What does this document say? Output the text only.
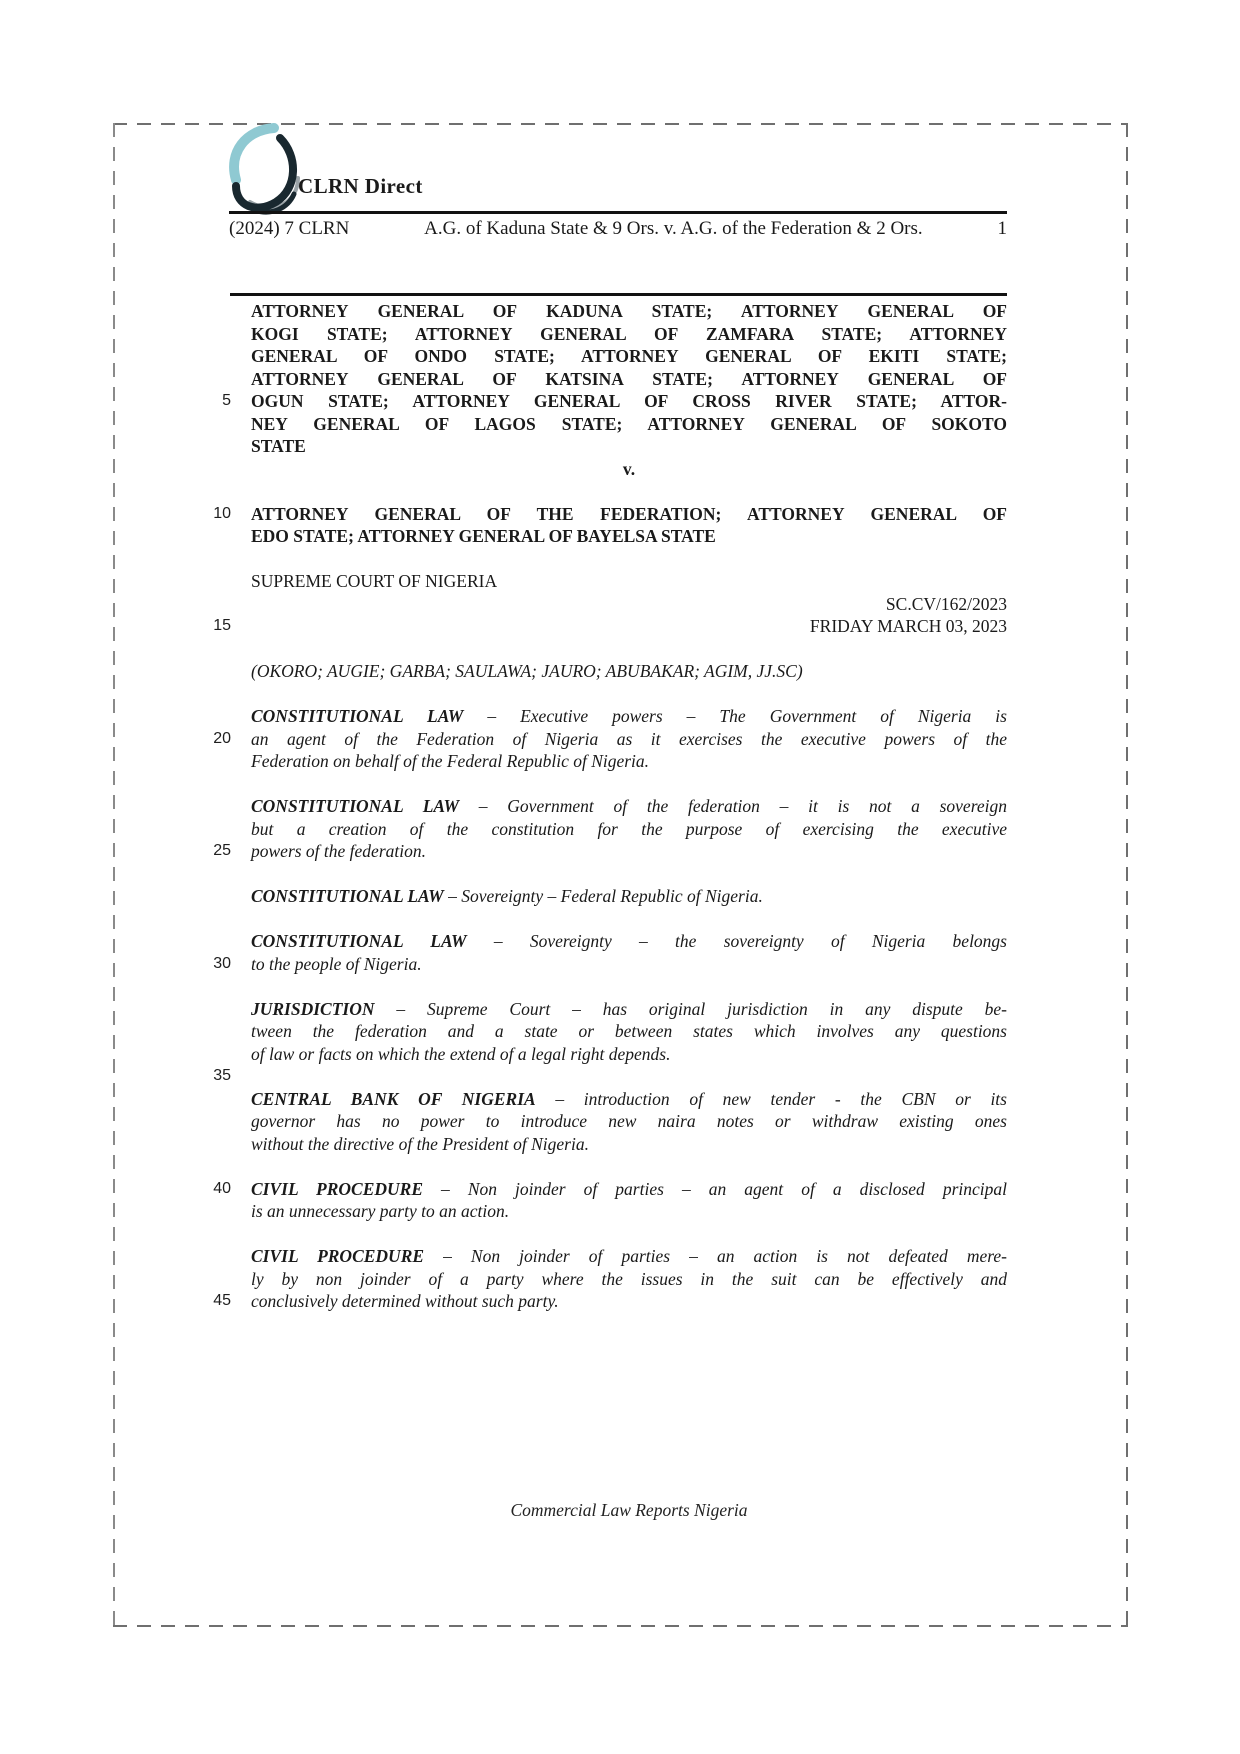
CLRN Direct
(2024) 7 CLRN	A.G. of Kaduna State & 9 Ors. v. A.G. of the Federation & 2 Ors.	1
ATTORNEY GENERAL OF KADUNA STATE; ATTORNEY GENERAL OF
KOGI STATE; ATTORNEY GENERAL OF ZAMFARA STATE; ATTORNEY
GENERAL OF ONDO STATE; ATTORNEY GENERAL OF EKITI STATE;
ATTORNEY GENERAL OF KATSINA STATE; ATTORNEY GENERAL OF
5 OGUN STATE; ATTORNEY GENERAL OF CROSS RIVER STATE; ATTOR-
NEY GENERAL OF LAGOS STATE; ATTORNEY GENERAL OF SOKOTO
STATE
v.
10 ATTORNEY GENERAL OF THE FEDERATION; ATTORNEY GENERAL OF
EDO STATE; ATTORNEY GENERAL OF BAYELSA STATE
SUPREME COURT OF NIGERIA
SC.CV/162/2023
15	FRIDAY MARCH 03, 2023
(OKORO; AUGIE; GARBA; SAULAWA; JAURO; ABUBAKAR; AGIM, JJ.SC)
CONSTITUTIONAL LAW – Executive powers – The Government of Nigeria is
20 an agent of the Federation of Nigeria as it exercises the executive powers of the
Federation on behalf of the Federal Republic of Nigeria.
CONSTITUTIONAL LAW – Government of the federation – it is not a sovereign
but a creation of the constitution for the purpose of exercising the executive
25 powers of the federation.
CONSTITUTIONAL LAW – Sovereignty – Federal Republic of Nigeria.
CONSTITUTIONAL LAW – Sovereignty – the sovereignty of Nigeria belongs
30 to the people of Nigeria.
JURISDICTION – Supreme Court – has original jurisdiction in any dispute be-
tween the federation and a state or between states which involves any questions
of law or facts on which the extend of a legal right depends.
35
CENTRAL BANK OF NIGERIA – introduction of new tender - the CBN or its
governor has no power to introduce new naira notes or withdraw existing ones
without the directive of the President of Nigeria.
40 CIVIL PROCEDURE – Non joinder of parties – an agent of a disclosed principal
is an unnecessary party to an action.
CIVIL PROCEDURE – Non joinder of parties – an action is not defeated mere-
ly by non joinder of a party where the issues in the suit can be effectively and
45 conclusively determined without such party.
Commercial Law Reports Nigeria
